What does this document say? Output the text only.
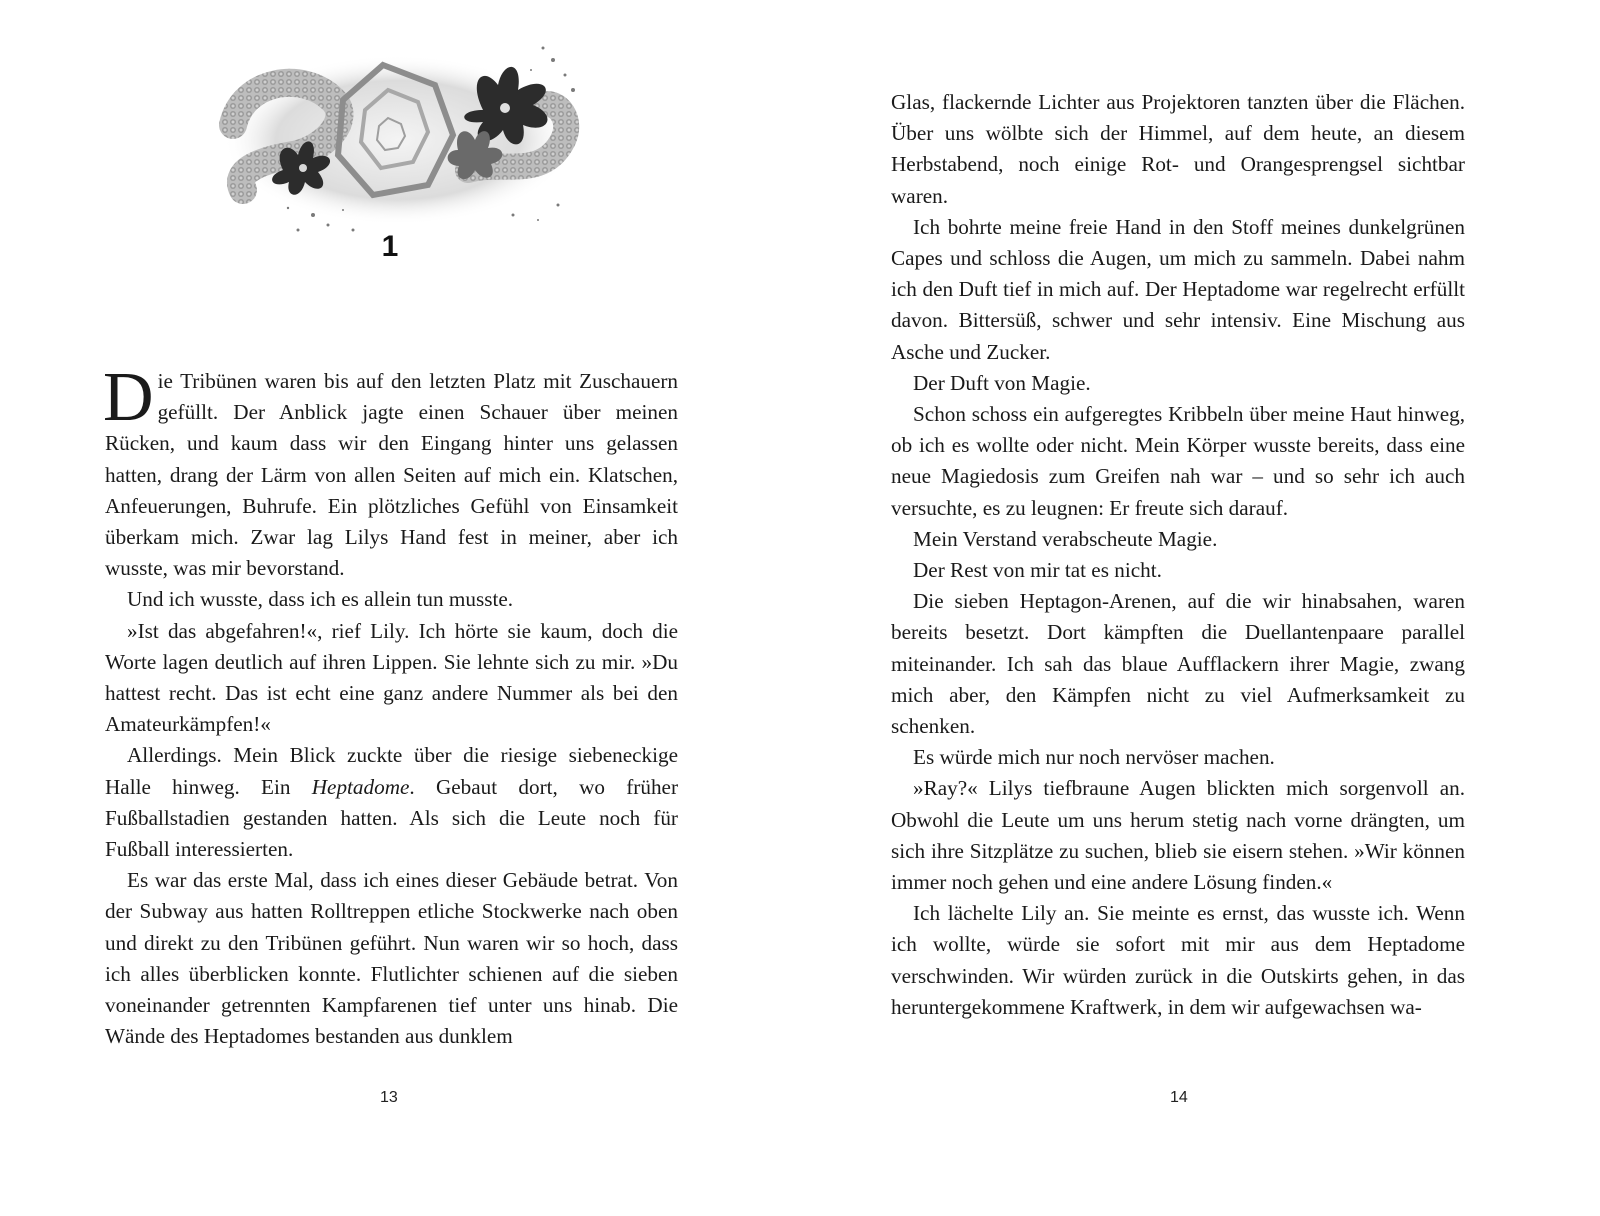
1

Die Tribünen waren bis auf den letzten Platz mit Zuschauern gefüllt. Der Anblick jagte einen Schauer über meinen Rücken, und kaum dass wir den Eingang hinter uns gelassen hatten, drang der Lärm von allen Seiten auf mich ein. Klatschen, Anfeuerungen, Buhrufe. Ein plötzliches Gefühl von Einsamkeit überkam mich. Zwar lag Lilys Hand fest in meiner, aber ich wusste, was mir bevorstand.

Und ich wusste, dass ich es allein tun musste.

»Ist das abgefahren!«, rief Lily. Ich hörte sie kaum, doch die Worte lagen deutlich auf ihren Lippen. Sie lehnte sich zu mir. »Du hattest recht. Das ist echt eine ganz andere Nummer als bei den Amateurkämpfen!«

Allerdings. Mein Blick zuckte über die riesige siebeneckige Halle hinweg. Ein Heptadome. Gebaut dort, wo früher Fußballstadien gestanden hatten. Als sich die Leute noch für Fußball interessierten.

Es war das erste Mal, dass ich eines dieser Gebäude betrat. Von der Subway aus hatten Rolltreppen etliche Stockwerke nach oben und direkt zu den Tribünen geführt. Nun waren wir so hoch, dass ich alles überblicken konnte. Flutlichter schienen auf die sieben voneinander getrennten Kampfarenen tief unter uns hinab. Die Wände des Heptadomes bestanden aus dunklem

13

Glas, flackernde Lichter aus Projektoren tanzten über die Flächen. Über uns wölbte sich der Himmel, auf dem heute, an diesem Herbstabend, noch einige Rot- und Orangesprengsel sichtbar waren.

Ich bohrte meine freie Hand in den Stoff meines dunkelgrünen Capes und schloss die Augen, um mich zu sammeln. Dabei nahm ich den Duft tief in mich auf. Der Heptadome war regelrecht erfüllt davon. Bittersüß, schwer und sehr intensiv. Eine Mischung aus Asche und Zucker.

Der Duft von Magie.

Schon schoss ein aufgeregtes Kribbeln über meine Haut hinweg, ob ich es wollte oder nicht. Mein Körper wusste bereits, dass eine neue Magiedosis zum Greifen nah war – und so sehr ich auch versuchte, es zu leugnen: Er freute sich darauf.

Mein Verstand verabscheute Magie.

Der Rest von mir tat es nicht.

Die sieben Heptagon-Arenen, auf die wir hinabsahen, waren bereits besetzt. Dort kämpften die Duellantenpaare parallel miteinander. Ich sah das blaue Aufflackern ihrer Magie, zwang mich aber, den Kämpfen nicht zu viel Aufmerksamkeit zu schenken.

Es würde mich nur noch nervöser machen.

»Ray?« Lilys tiefbraune Augen blickten mich sorgenvoll an. Obwohl die Leute um uns herum stetig nach vorne drängten, um sich ihre Sitzplätze zu suchen, blieb sie eisern stehen. »Wir können immer noch gehen und eine andere Lösung finden.«

Ich lächelte Lily an. Sie meinte es ernst, das wusste ich. Wenn ich wollte, würde sie sofort mit mir aus dem Heptadome verschwinden. Wir würden zurück in die Outskirts gehen, in das heruntergekommene Kraftwerk, in dem wir aufgewachsen wa-

14
